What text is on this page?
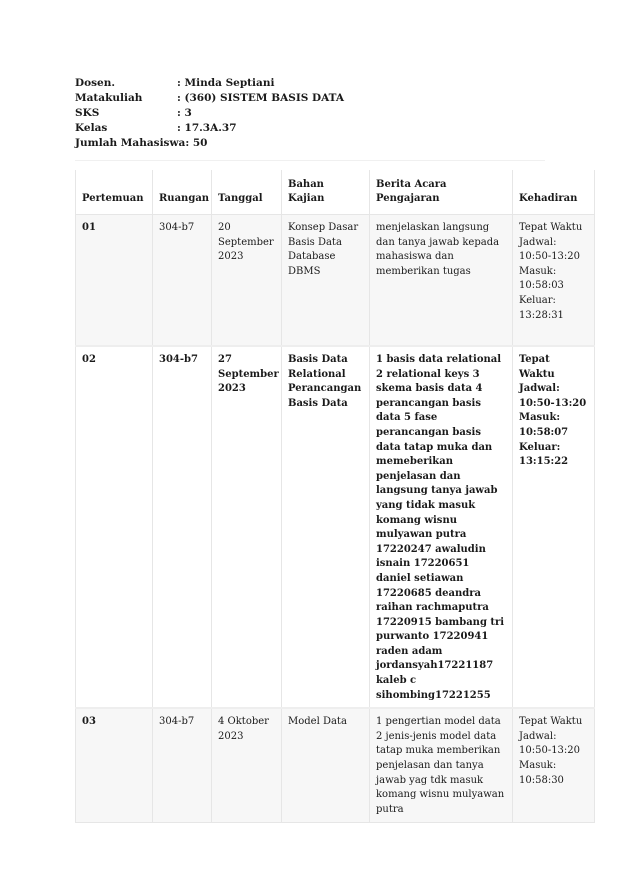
Dosen.	: Minda Septiani
Matakuliah	: (360) SISTEM BASIS DATA
SKS	: 3
Kelas	: 17.3A.37
Jumlah Mahasiswa : 50
Pertemuan	Ruangan	Tanggal	Bahan Kajian	Berita Acara Pengajaran	Kehadiran
01	304-b7	20 September 2023	Konsep Dasar Basis Data Database DBMS	menjelaskan langsung dan tanya jawab kepada mahasiswa dan memberikan tugas	Tepat Waktu Jadwal: 10:50-13:20 Masuk: 10:58:03 Keluar: 13:28:31
02	304-b7	27 September 2023	Basis Data Relational Perancangan Basis Data	1 basis data relational 2 relational keys 3 skema basis data 4 perancangan basis data 5 fase perancangan basis data tatap muka dan memeberikan penjelasan dan langsung tanya jawab yang tidak masuk komang wisnu mulyawan putra 17220247 awaludin isnain 17220651 daniel setiawan 17220685 deandra raihan rachmaputra 17220915 bambang tri purwanto 17220941 raden adam jordansyah17221187 kaleb c sihombing17221255	Tepat Waktu Jadwal: 10:50-13:20 Masuk: 10:58:07 Keluar: 13:15:22
03	304-b7	4 Oktober 2023	Model Data	1 pengertian model data 2 jenis-jenis model data tatap muka memberikan penjelasan dan tanya jawab yag tdk masuk komang wisnu mulyawan putra	Tepat Waktu Jadwal: 10:50-13:20 Masuk: 10:58:30
